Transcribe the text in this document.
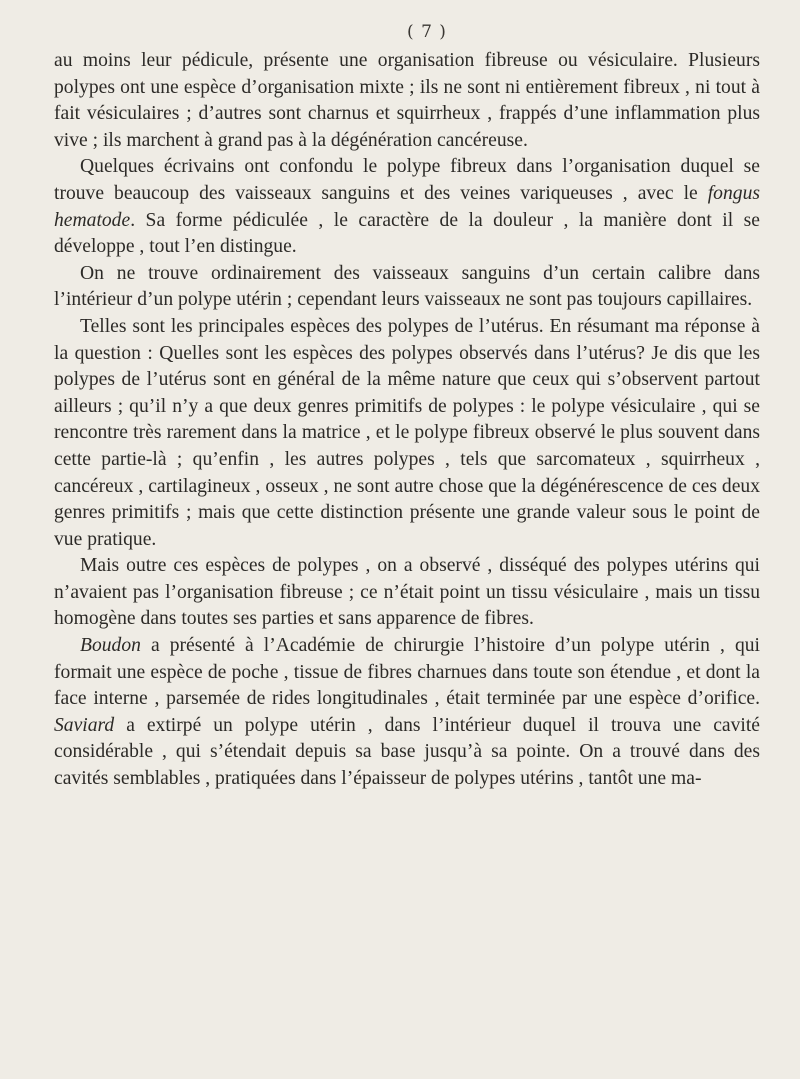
( 7 )

au moins leur pédicule, présente une organisation fibreuse ou vésiculaire. Plusieurs polypes ont une espèce d’organisation mixte ; ils ne sont ni entièrement fibreux , ni tout à fait vésiculaires ; d’autres sont charnus et squirrheux , frappés d’une inflammation plus vive ; ils marchent à grand pas à la dégénération cancéreuse.

Quelques écrivains ont confondu le polype fibreux dans l’organisation duquel se trouve beaucoup des vaisseaux sanguins et des veines variqueuses , avec le fongus hematode. Sa forme pédiculée , le caractère de la douleur , la manière dont il se développe , tout l’en distingue.

On ne trouve ordinairement des vaisseaux sanguins d’un certain calibre dans l’intérieur d’un polype utérin ; cependant leurs vaisseaux ne sont pas toujours capillaires.

Telles sont les principales espèces des polypes de l’utérus. En résumant ma réponse à la question : Quelles sont les espèces des polypes observés dans l’utérus? Je dis que les polypes de l’utérus sont en général de la même nature que ceux qui s’observent partout ailleurs ; qu’il n’y a que deux genres primitifs de polypes : le polype vésiculaire , qui se rencontre très rarement dans la matrice , et le polype fibreux observé le plus souvent dans cette partie-là ; qu’enfin , les autres polypes , tels que sarcomateux , squirrheux , cancéreux , cartilagineux , osseux , ne sont autre chose que la dégénérescence de ces deux genres primitifs ; mais que cette distinction présente une grande valeur sous le point de vue pratique.

Mais outre ces espèces de polypes , on a observé , disséqué des polypes utérins qui n’avaient pas l’organisation fibreuse ; ce n’était point un tissu vésiculaire , mais un tissu homogène dans toutes ses parties et sans apparence de fibres.

Boudon a présenté à l’Académie de chirurgie l’histoire d’un polype utérin , qui formait une espèce de poche , tissue de fibres charnues dans toute son étendue , et dont la face interne , parsemée de rides longitudinales , était terminée par une espèce d’orifice. Saviard a extirpé un polype utérin , dans l’intérieur duquel il trouva une cavité considérable , qui s’étendait depuis sa base jusqu’à sa pointe. On a trouvé dans des cavités semblables , pratiquées dans l’épaisseur de polypes utérins , tantôt une ma-
